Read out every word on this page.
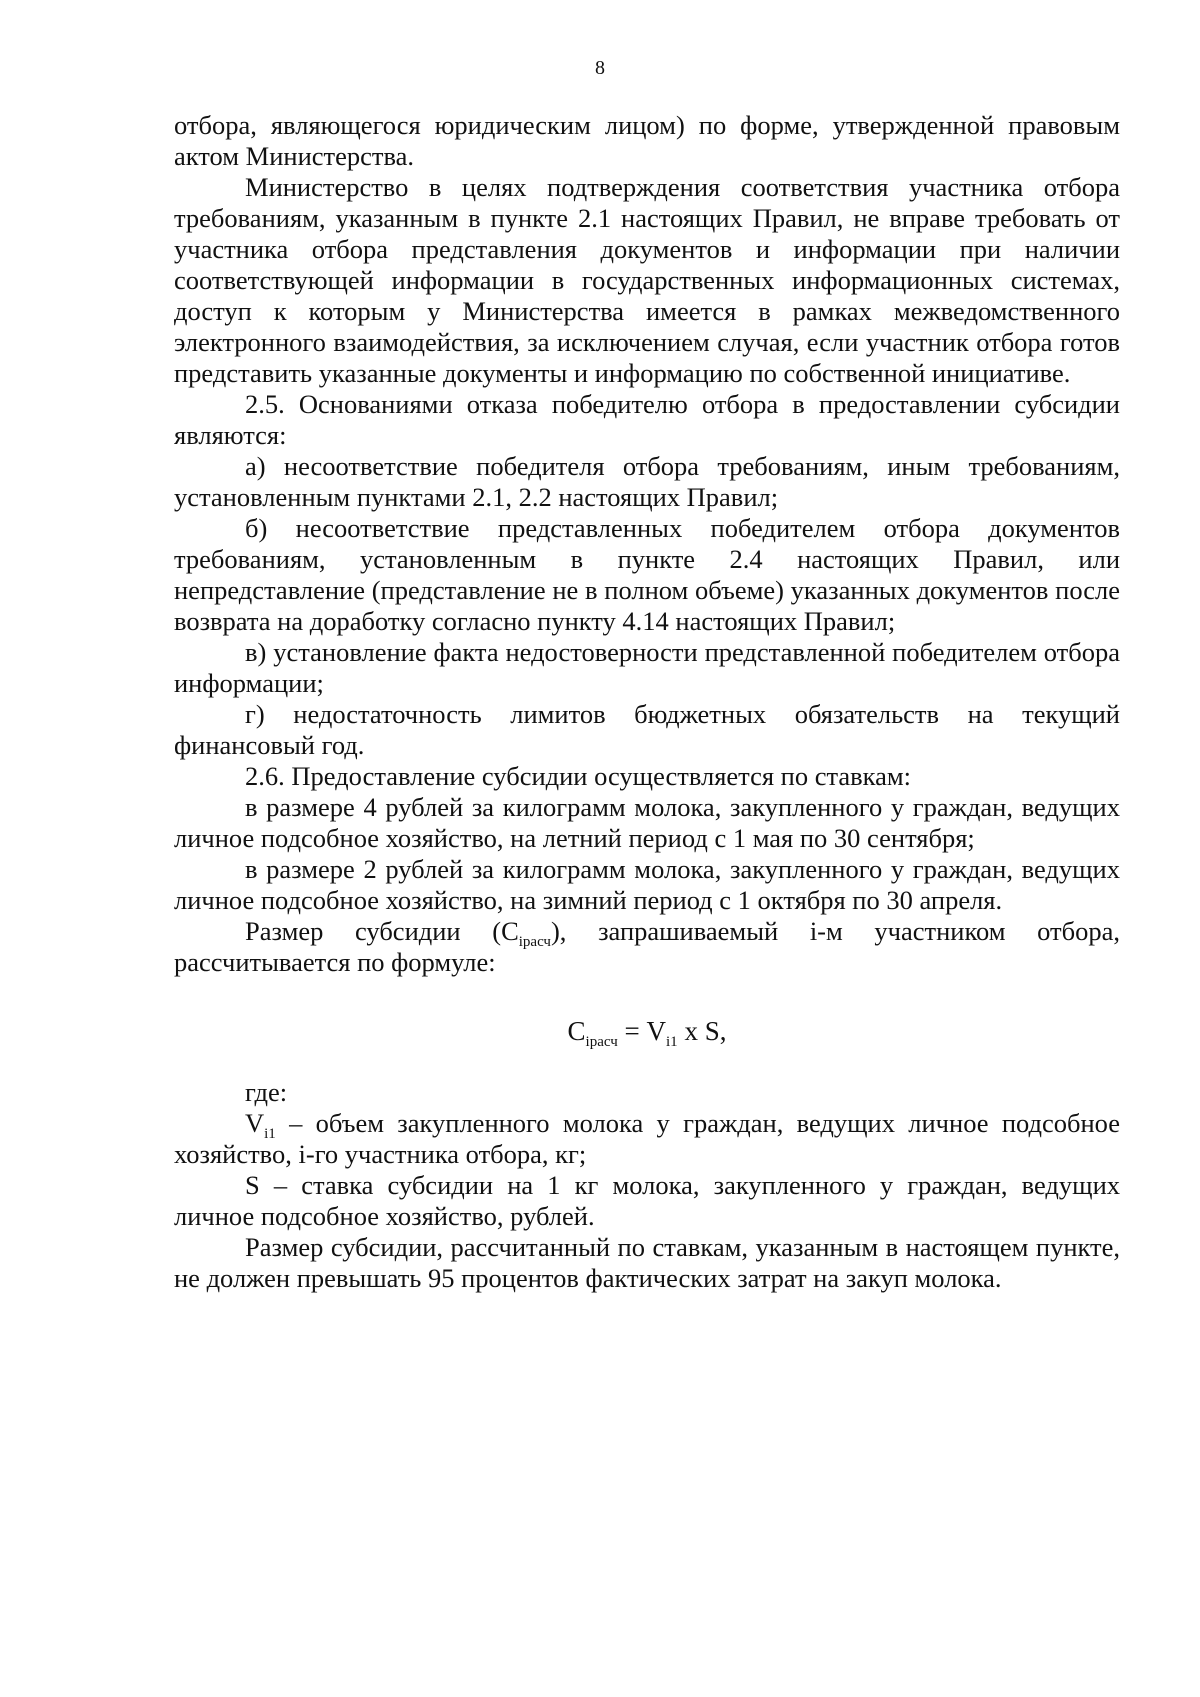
8

отбора, являющегося юридическим лицом) по форме, утвержденной правовым актом Министерства.

Министерство в целях подтверждения соответствия участника отбора требованиям, указанным в пункте 2.1 настоящих Правил, не вправе требовать от участника отбора представления документов и информации при наличии соответствующей информации в государственных информационных системах, доступ к которым у Министерства имеется в рамках межведомственного электронного взаимодействия, за исключением случая, если участник отбора готов представить указанные документы и информацию по собственной инициативе.

2.5. Основаниями отказа победителю отбора в предоставлении субсидии являются:

а) несоответствие победителя отбора требованиям, иным требованиям, установленным пунктами 2.1, 2.2 настоящих Правил;

б) несоответствие представленных победителем отбора документов требованиям, установленным в пункте 2.4 настоящих Правил, или непредставление (представление не в полном объеме) указанных документов после возврата на доработку согласно пункту 4.14 настоящих Правил;

в) установление факта недостоверности представленной победителем отбора информации;

г) недостаточность лимитов бюджетных обязательств на текущий финансовый год.

2.6. Предоставление субсидии осуществляется по ставкам:

в размере 4 рублей за килограмм молока, закупленного у граждан, ведущих личное подсобное хозяйство, на летний период с 1 мая по 30 сентября;

в размере 2 рублей за килограмм молока, закупленного у граждан, ведущих личное подсобное хозяйство, на зимний период с 1 октября по 30 апреля.

Размер субсидии $(С_{iрасч})$, запрашиваемый i-м участником отбора, рассчитывается по формуле:

$С_{iрасч} = V_{i1}$ x S,

где:

$V_{i1}$ – объем закупленного молока у граждан, ведущих личное подсобное хозяйство, i-го участника отбора, кг;

S – ставка субсидии на 1 кг молока, закупленного у граждан, ведущих личное подсобное хозяйство, рублей.

Размер субсидии, рассчитанный по ставкам, указанным в настоящем пункте, не должен превышать 95 процентов фактических затрат на закуп молока.
